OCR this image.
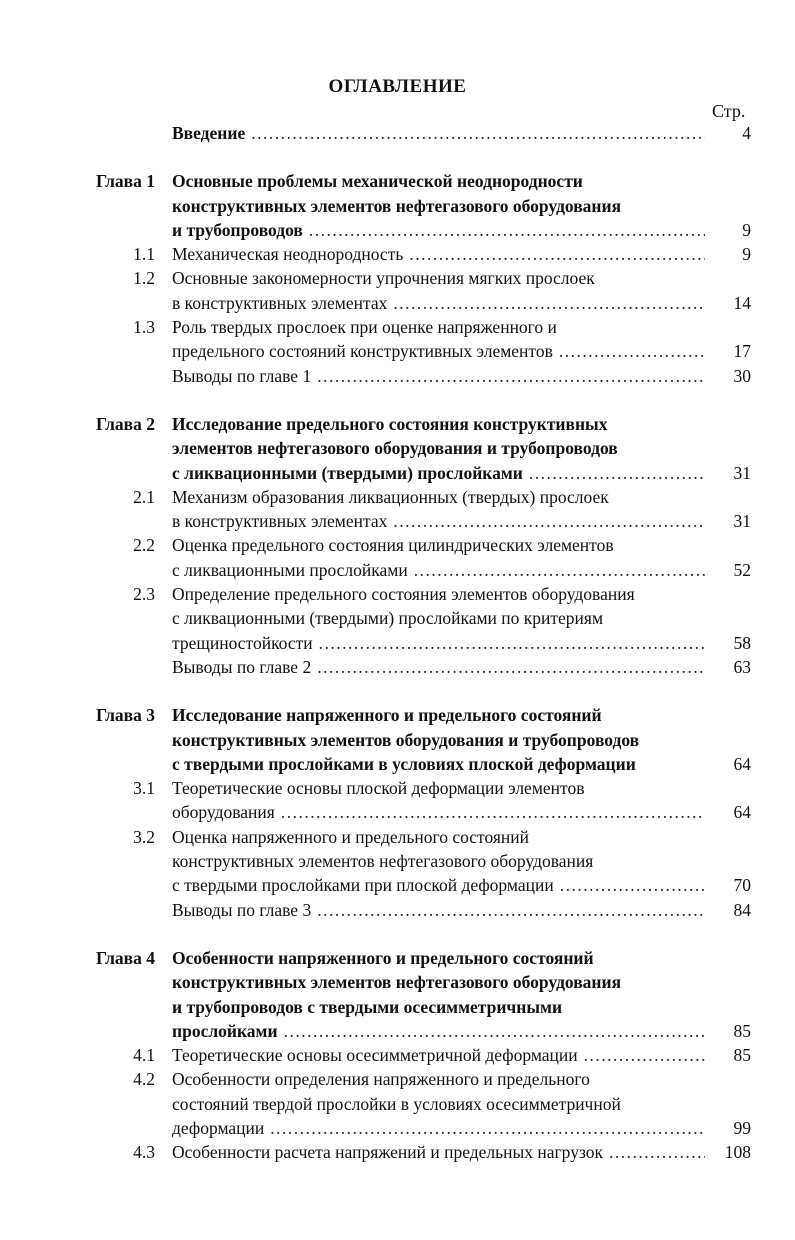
ОГЛАВЛЕНИЕ
Стр.
Введение .....	4
Глава 1 Основные проблемы механической неоднородности
конструктивных элементов нефтегазового оборудования
и трубопроводов .....	9
1.1 Механическая неоднородность .....	9
1.2 Основные закономерности упрочнения мягких прослоек
в конструктивных элементах .....	14
1.3 Роль твердых прослоек при оценке напряженного и
предельного состояний конструктивных элементов .....	17
Выводы по главе 1 .....	30
Глава 2 Исследование предельного состояния конструктивных
элементов нефтегазового оборудования и трубопроводов
с ликвационными (твердыми) прослойками .....	31
2.1 Механизм образования ликвационных (твердых) прослоек
в конструктивных элементах .....	31
2.2 Оценка предельного состояния цилиндрических элементов
с ликвационными прослойками .....	52
2.3 Определение предельного состояния элементов оборудования
с ликвационными (твердыми) прослойками по критериям
трещиностойкости .....	58
Выводы по главе 2 .....	63
Глава 3 Исследование напряженного и предельного состояний
конструктивных элементов оборудования и трубопроводов
с твердыми прослойками в условиях плоской деформации	64
3.1 Теоретические основы плоской деформации элементов
оборудования .....	64
3.2 Оценка напряженного и предельного состояний
конструктивных элементов нефтегазового оборудования
с твердыми прослойками при плоской деформации .....	70
Выводы по главе 3 .....	84
Глава 4 Особенности напряженного и предельного состояний
конструктивных элементов нефтегазового оборудования
и трубопроводов с твердыми осесимметричными
прослойками .....	85
4.1 Теоретические основы осесимметричной деформации .....	85
4.2 Особенности определения напряженного и предельного
состояний твердой прослойки в условиях осесимметричной
деформации .....	99
4.3 Особенности расчета напряжений и предельных нагрузок .....	108
